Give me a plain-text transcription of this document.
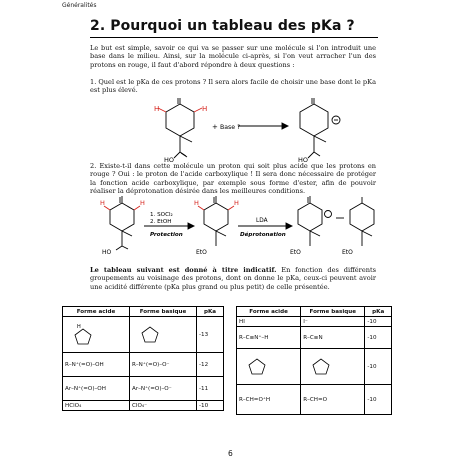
Généralités
2. Pourquoi un tableau des pKa ?
Le but est simple, savoir ce qui va se passer sur une molécule si l'on introduit une base dans le milieu. Ainsi, sur la molécule ci-après, si l'on veut arracher l'un des protons en rouge, il faut d'abord répondre à deux questions :
1. Quel est le pKa de ces protons ? Il sera alors facile de choisir une base dont le pKa est plus élevé.
H	H
HO	HO
+ Base ?
2. Existe-t-il dans cette molécule un proton qui soit plus acide que les protons en rouge ? Oui : le proton de l'acide carboxylique ! Il sera donc nécessaire de protéger la fonction acide carboxylique, par exemple sous forme d'ester, afin de pouvoir réaliser la déprotonation désirée dans les meilleures conditions.
H	H	H	H
HO
1. SOCl₂
2. EtOH
Protection
EtO
LDA
Déprotonation
EtO	EtO
Le tableau suivant est donné à titre indicatif. En fonction des différents groupements au voisinage des protons, dont on donne le pKa, ceux-ci peuvent avoir une acidité différente (pKa plus grand ou plus petit) de celle présentée.
Forme acide	Forme basique	pKa

H		-13
R–N⁺(=O)–OH	R–N⁺(=O)–O⁻	-12
Ar–N⁺(=O)–OH	Ar–N⁺(=O)–O⁻	-11
HClO₄	ClO₄⁻	-10
Forme acide	Forme basique	pKa
HI	I⁻	-10
R–C≡N⁺–H	R–C≡N	-10
		-10
R–CH=O⁺H	R–CH=O	-10
6
